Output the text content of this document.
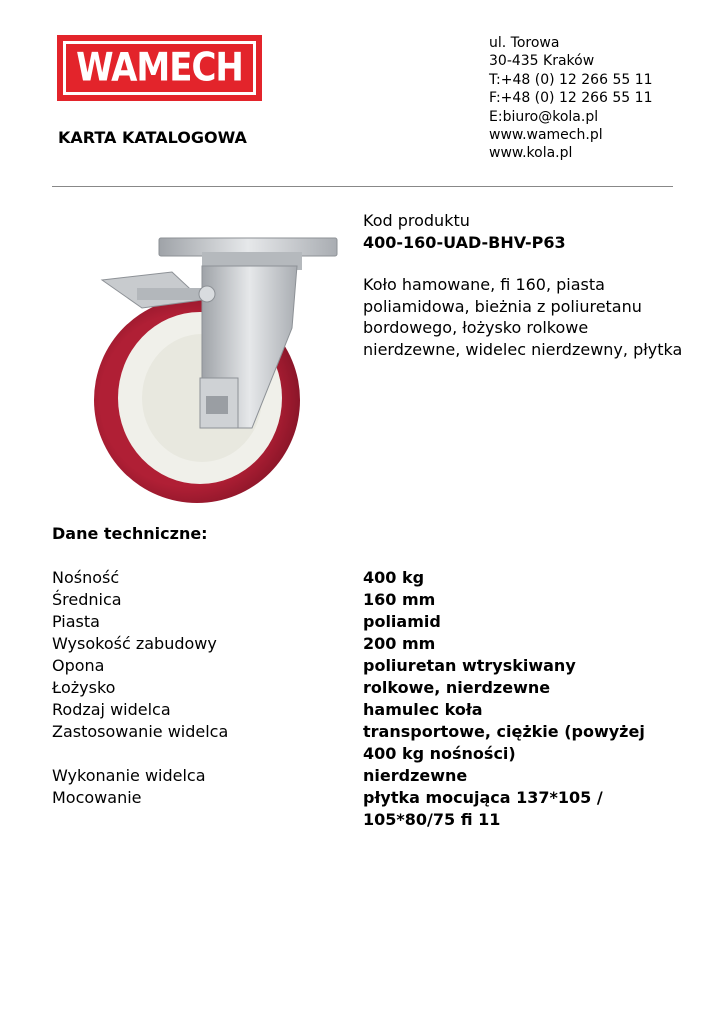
WAMECH
KARTA KATALOGOWA
ul. Torowa
30-435 Kraków
T:+48 (0) 12 266 55 11
F:+48 (0) 12 266 55 11
E:biuro@kola.pl
www.wamech.pl
www.kola.pl
Kod produktu
400-160-UAD-BHV-P63
Koło hamowane, fi 160, piasta poliamidowa, bieżnia z poliuretanu bordowego, łożysko rolkowe nierdzewne, widelec nierdzewny, płytka
Dane techniczne:
Nośność	400 kg
Średnica	160 mm
Piasta	poliamid
Wysokość zabudowy	200 mm
Opona	poliuretan wtryskiwany
Łożysko	rolkowe, nierdzewne
Rodzaj widelca	hamulec koła
Zastosowanie widelca	transportowe, ciężkie (powyżej 400 kg nośności)
Wykonanie widelca	nierdzewne
Mocowanie	płytka mocująca 137*105 / 105*80/75 fi 11
